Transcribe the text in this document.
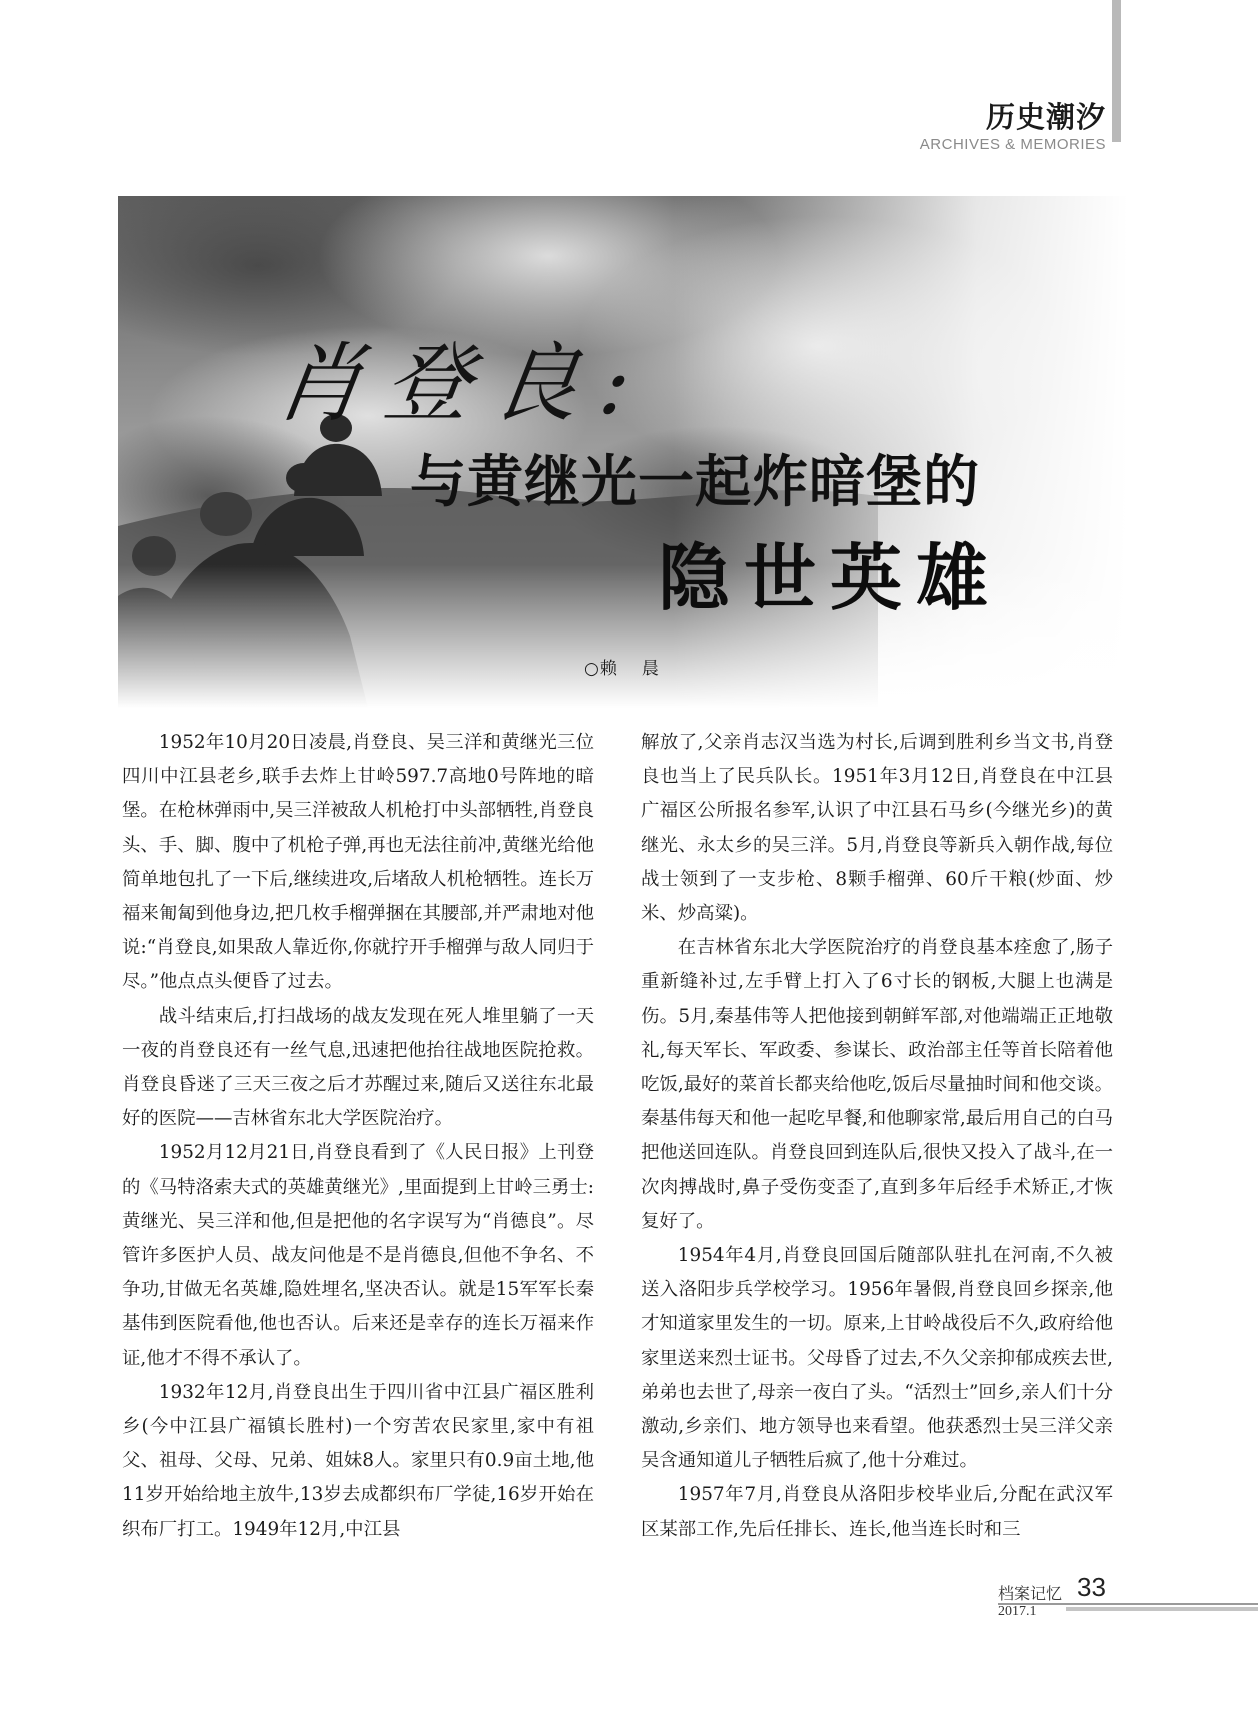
历史潮汐
ARCHIVES & MEMORIES
肖登良:
与黄继光一起炸暗堡的
隐世英雄
○赖 晨

1952年10月20日凌晨,肖登良、吴三洋和黄继光三位四川中江县老乡,联手去炸上甘岭597.7高地0号阵地的暗堡。在枪林弹雨中,吴三洋被敌人机枪打中头部牺牲,肖登良头、手、脚、腹中了机枪子弹,再也无法往前冲,黄继光给他简单地包扎了一下后,继续进攻,后堵敌人机枪牺牲。连长万福来匍匐到他身边,把几枚手榴弹捆在其腰部,并严肃地对他说:“肖登良,如果敌人靠近你,你就拧开手榴弹与敌人同归于尽。”他点点头便昏了过去。

战斗结束后,打扫战场的战友发现在死人堆里躺了一天一夜的肖登良还有一丝气息,迅速把他抬往战地医院抢救。肖登良昏迷了三天三夜之后才苏醒过来,随后又送往东北最好的医院——吉林省东北大学医院治疗。

1952月12月21日,肖登良看到了《人民日报》上刊登的《马特洛索夫式的英雄黄继光》,里面提到上甘岭三勇士:黄继光、吴三洋和他,但是把他的名字误写为“肖德良”。尽管许多医护人员、战友问他是不是肖德良,但他不争名、不争功,甘做无名英雄,隐姓埋名,坚决否认。就是15军军长秦基伟到医院看他,他也否认。后来还是幸存的连长万福来作证,他才不得不承认了。

1932年12月,肖登良出生于四川省中江县广福区胜利乡(今中江县广福镇长胜村)一个穷苦农民家里,家中有祖父、祖母、父母、兄弟、姐妹8人。家里只有0.9亩土地,他11岁开始给地主放牛,13岁去成都织布厂学徒,16岁开始在织布厂打工。1949年12月,中江县

解放了,父亲肖志汉当选为村长,后调到胜利乡当文书,肖登良也当上了民兵队长。1951年3月12日,肖登良在中江县广福区公所报名参军,认识了中江县石马乡(今继光乡)的黄继光、永太乡的吴三洋。5月,肖登良等新兵入朝作战,每位战士领到了一支步枪、8颗手榴弹、60斤干粮(炒面、炒米、炒高粱)。

在吉林省东北大学医院治疗的肖登良基本痊愈了,肠子重新缝补过,左手臂上打入了6寸长的钢板,大腿上也满是伤。5月,秦基伟等人把他接到朝鲜军部,对他端端正正地敬礼,每天军长、军政委、参谋长、政治部主任等首长陪着他吃饭,最好的菜首长都夹给他吃,饭后尽量抽时间和他交谈。秦基伟每天和他一起吃早餐,和他聊家常,最后用自己的白马把他送回连队。肖登良回到连队后,很快又投入了战斗,在一次肉搏战时,鼻子受伤变歪了,直到多年后经手术矫正,才恢复好了。

1954年4月,肖登良回国后随部队驻扎在河南,不久被送入洛阳步兵学校学习。1956年暑假,肖登良回乡探亲,他才知道家里发生的一切。原来,上甘岭战役后不久,政府给他家里送来烈士证书。父母昏了过去,不久父亲抑郁成疾去世,弟弟也去世了,母亲一夜白了头。“活烈士”回乡,亲人们十分激动,乡亲们、地方领导也来看望。他获悉烈士吴三洋父亲吴含通知道儿子牺牲后疯了,他十分难过。

1957年7月,肖登良从洛阳步校毕业后,分配在武汉军区某部工作,先后任排长、连长,他当连长时和三

档案记忆 33
2017.1
